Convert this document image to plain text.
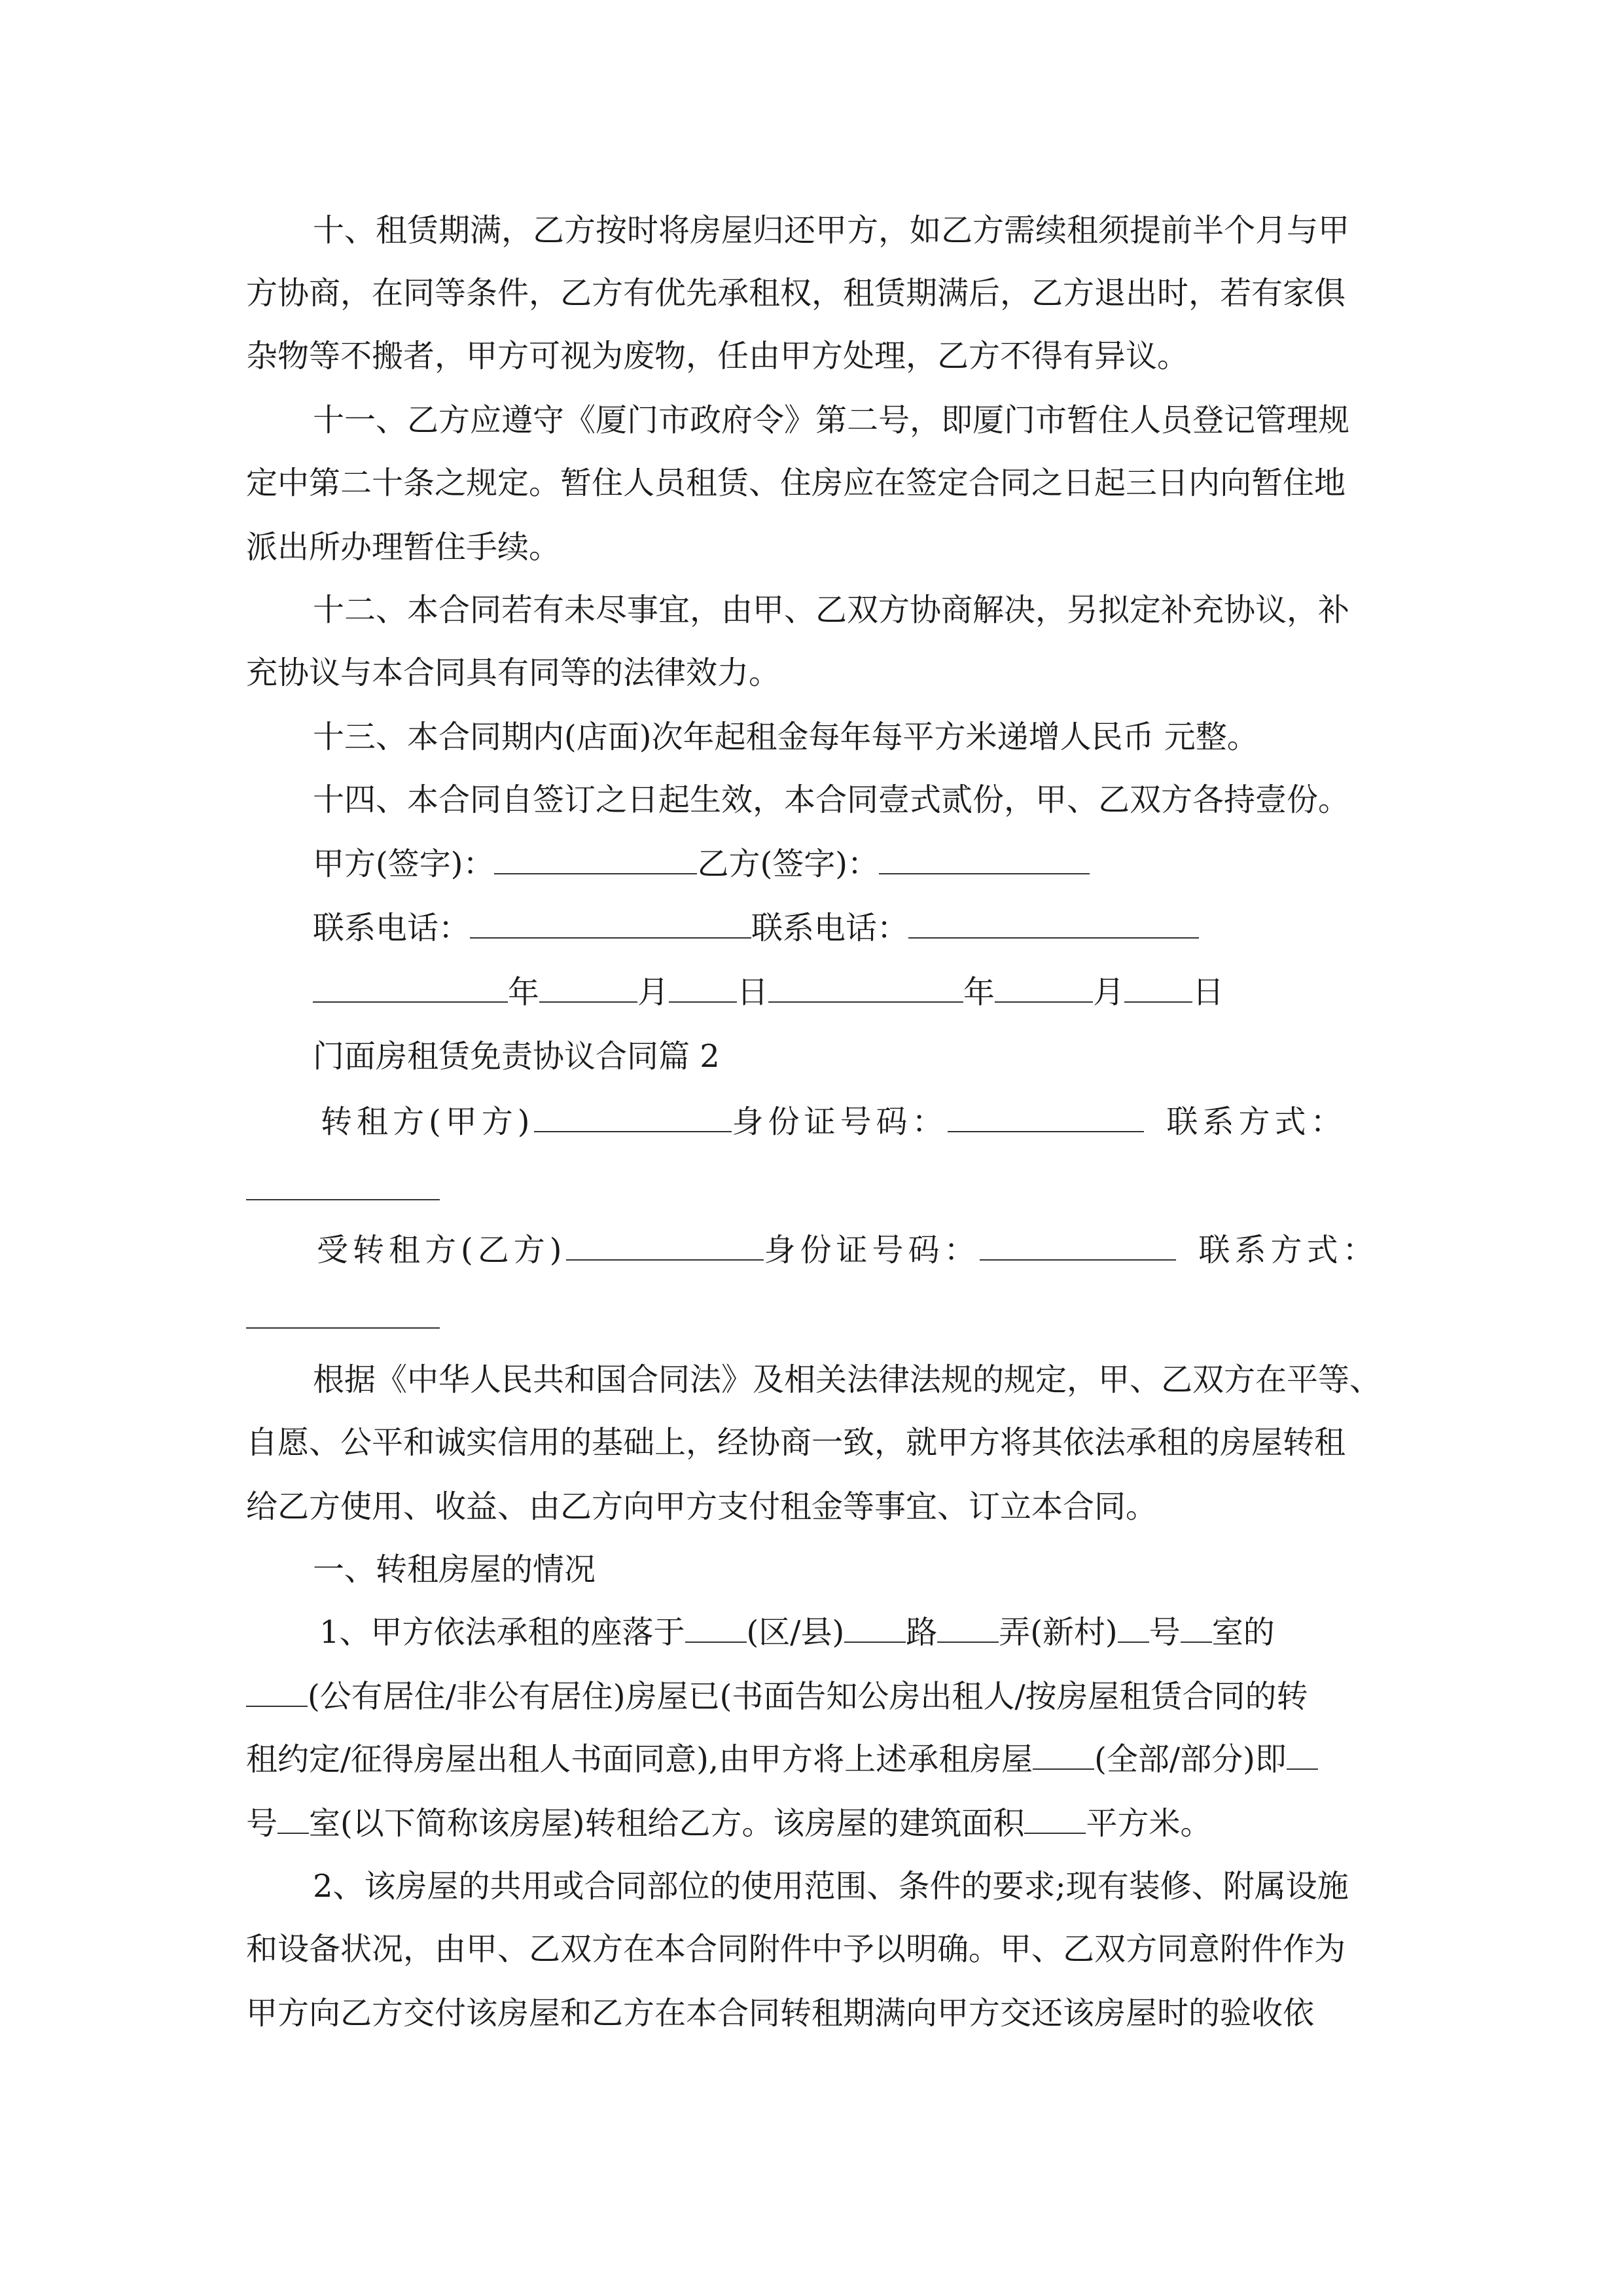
十、租赁期满，乙方按时将房屋归还甲方，如乙方需续租须提前半个月与甲
方协商，在同等条件，乙方有优先承租权，租赁期满后，乙方退出时，若有家俱
杂物等不搬者，甲方可视为废物，任由甲方处理，乙方不得有异议。
十一、乙方应遵守《厦门市政府令》第二号，即厦门市暂住人员登记管理规
定中第二十条之规定。暂住人员租赁、住房应在签定合同之日起三日内向暂住地
派出所办理暂住手续。
十二、本合同若有未尽事宜，由甲、乙双方协商解决，另拟定补充协议，补
充协议与本合同具有同等的法律效力。
十三、本合同期内(店面)次年起租金每年每平方米递增人民币 元整。
十四、本合同自签订之日起生效，本合同壹式贰份，甲、乙双方各持壹份。
甲方(签字)：	乙方(签字)：
联系电话：	联系电话：
年	月 日	年	月 日
门面房租赁免责协议合同篇 2
转租方(甲方)	身份证号码：	联系方式：
受转租方(乙方)	身份证号码：	联系方式：
根据《中华人民共和国合同法》及相关法律法规的规定，甲、乙双方在平等、
自愿、公平和诚实信用的基础上，经协商一致，就甲方将其依法承租的房屋转租
给乙方使用、收益、由乙方向甲方支付租金等事宜、订立本合同。
一、转租房屋的情况
1、甲方依法承租的座落于 (区/县) 路 弄(新村) 号 室的
(公有居住/非公有居住)房屋已(书面告知公房出租人/按房屋租赁合同的转
租约定/征得房屋出租人书面同意),由甲方将上述承租房屋 (全部/部分)即
号 室(以下简称该房屋)转租给乙方。该房屋的建筑面积 平方米。
2、该房屋的共用或合同部位的使用范围、条件的要求;现有装修、附属设施
和设备状况，由甲、乙双方在本合同附件中予以明确。甲、乙双方同意附件作为
甲方向乙方交付该房屋和乙方在本合同转租期满向甲方交还该房屋时的验收依
